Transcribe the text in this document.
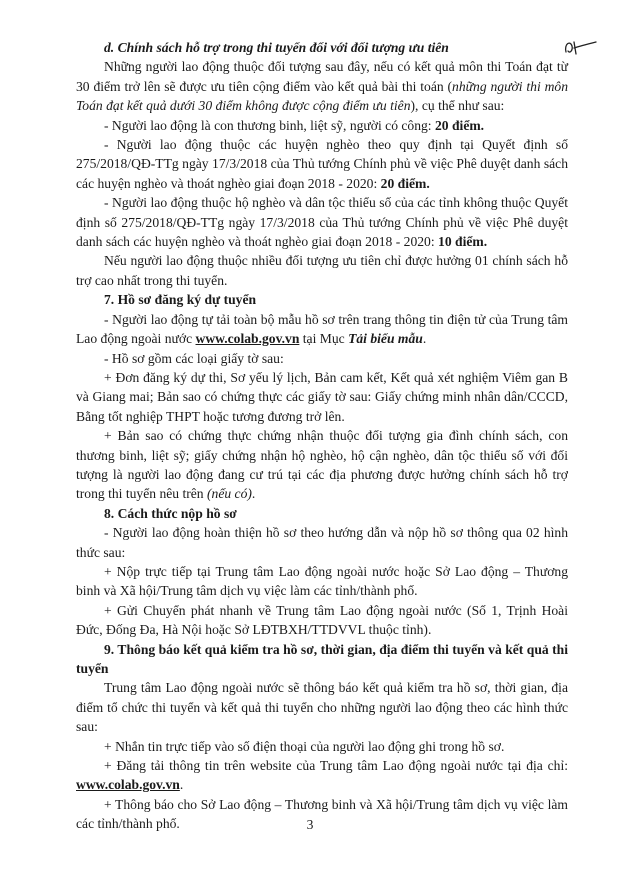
d. Chính sách hỗ trợ trong thi tuyển đối với đối tượng ưu tiên

Những người lao động thuộc đối tượng sau đây, nếu có kết quả môn thi Toán đạt từ 30 điểm trở lên sẽ được ưu tiên cộng điểm vào kết quả bài thi toán (những người thi môn Toán đạt kết quả dưới 30 điểm không được cộng điểm ưu tiên), cụ thể như sau:

- Người lao động là con thương binh, liệt sỹ, người có công: 20 điểm.

- Người lao động thuộc các huyện nghèo theo quy định tại Quyết định số 275/2018/QĐ-TTg ngày 17/3/2018 của Thủ tướng Chính phủ về việc Phê duyệt danh sách các huyện nghèo và thoát nghèo giai đoạn 2018 - 2020: 20 điểm.

- Người lao động thuộc hộ nghèo và dân tộc thiểu số của các tỉnh không thuộc Quyết định số 275/2018/QĐ-TTg ngày 17/3/2018 của Thủ tướng Chính phủ về việc Phê duyệt danh sách các huyện nghèo và thoát nghèo giai đoạn 2018 - 2020: 10 điểm.

Nếu người lao động thuộc nhiều đối tượng ưu tiên chỉ được hưởng 01 chính sách hỗ trợ cao nhất trong thi tuyển.

7. Hồ sơ đăng ký dự tuyển

- Người lao động tự tải toàn bộ mẫu hồ sơ trên trang thông tin điện tử của Trung tâm Lao động ngoài nước www.colab.gov.vn tại Mục Tải biểu mẫu.

- Hồ sơ gồm các loại giấy tờ sau:

+ Đơn đăng ký dự thi, Sơ yếu lý lịch, Bản cam kết, Kết quả xét nghiệm Viêm gan B và Giang mai; Bản sao có chứng thực các giấy tờ sau: Giấy chứng minh nhân dân/CCCD, Bằng tốt nghiệp THPT hoặc tương đương trở lên.

+ Bản sao có chứng thực chứng nhận thuộc đối tượng gia đình chính sách, con thương binh, liệt sỹ; giấy chứng nhận hộ nghèo, hộ cận nghèo, dân tộc thiểu số với đối tượng là người lao động đang cư trú tại các địa phương được hưởng chính sách hỗ trợ trong thi tuyển nêu trên (nếu có).

8. Cách thức nộp hồ sơ

- Người lao động hoàn thiện hồ sơ theo hướng dẫn và nộp hồ sơ thông qua 02 hình thức sau:

+ Nộp trực tiếp tại Trung tâm Lao động ngoài nước hoặc Sở Lao động – Thương binh và Xã hội/Trung tâm dịch vụ việc làm các tỉnh/thành phố.

+ Gửi Chuyển phát nhanh về Trung tâm Lao động ngoài nước (Số 1, Trịnh Hoài Đức, Đống Đa, Hà Nội hoặc Sở LĐTBXH/TTDVVL thuộc tỉnh).

9. Thông báo kết quả kiểm tra hồ sơ, thời gian, địa điểm thi tuyển và kết quả thi tuyển

Trung tâm Lao động ngoài nước sẽ thông báo kết quả kiểm tra hồ sơ, thời gian, địa điểm tổ chức thi tuyển và kết quả thi tuyển cho những người lao động theo các hình thức sau:

+ Nhắn tin trực tiếp vào số điện thoại của người lao động ghi trong hồ sơ.

+ Đăng tải thông tin trên website của Trung tâm Lao động ngoài nước tại địa chỉ: www.colab.gov.vn.

+ Thông báo cho Sở Lao động – Thương binh và Xã hội/Trung tâm dịch vụ việc làm các tỉnh/thành phố.	3
